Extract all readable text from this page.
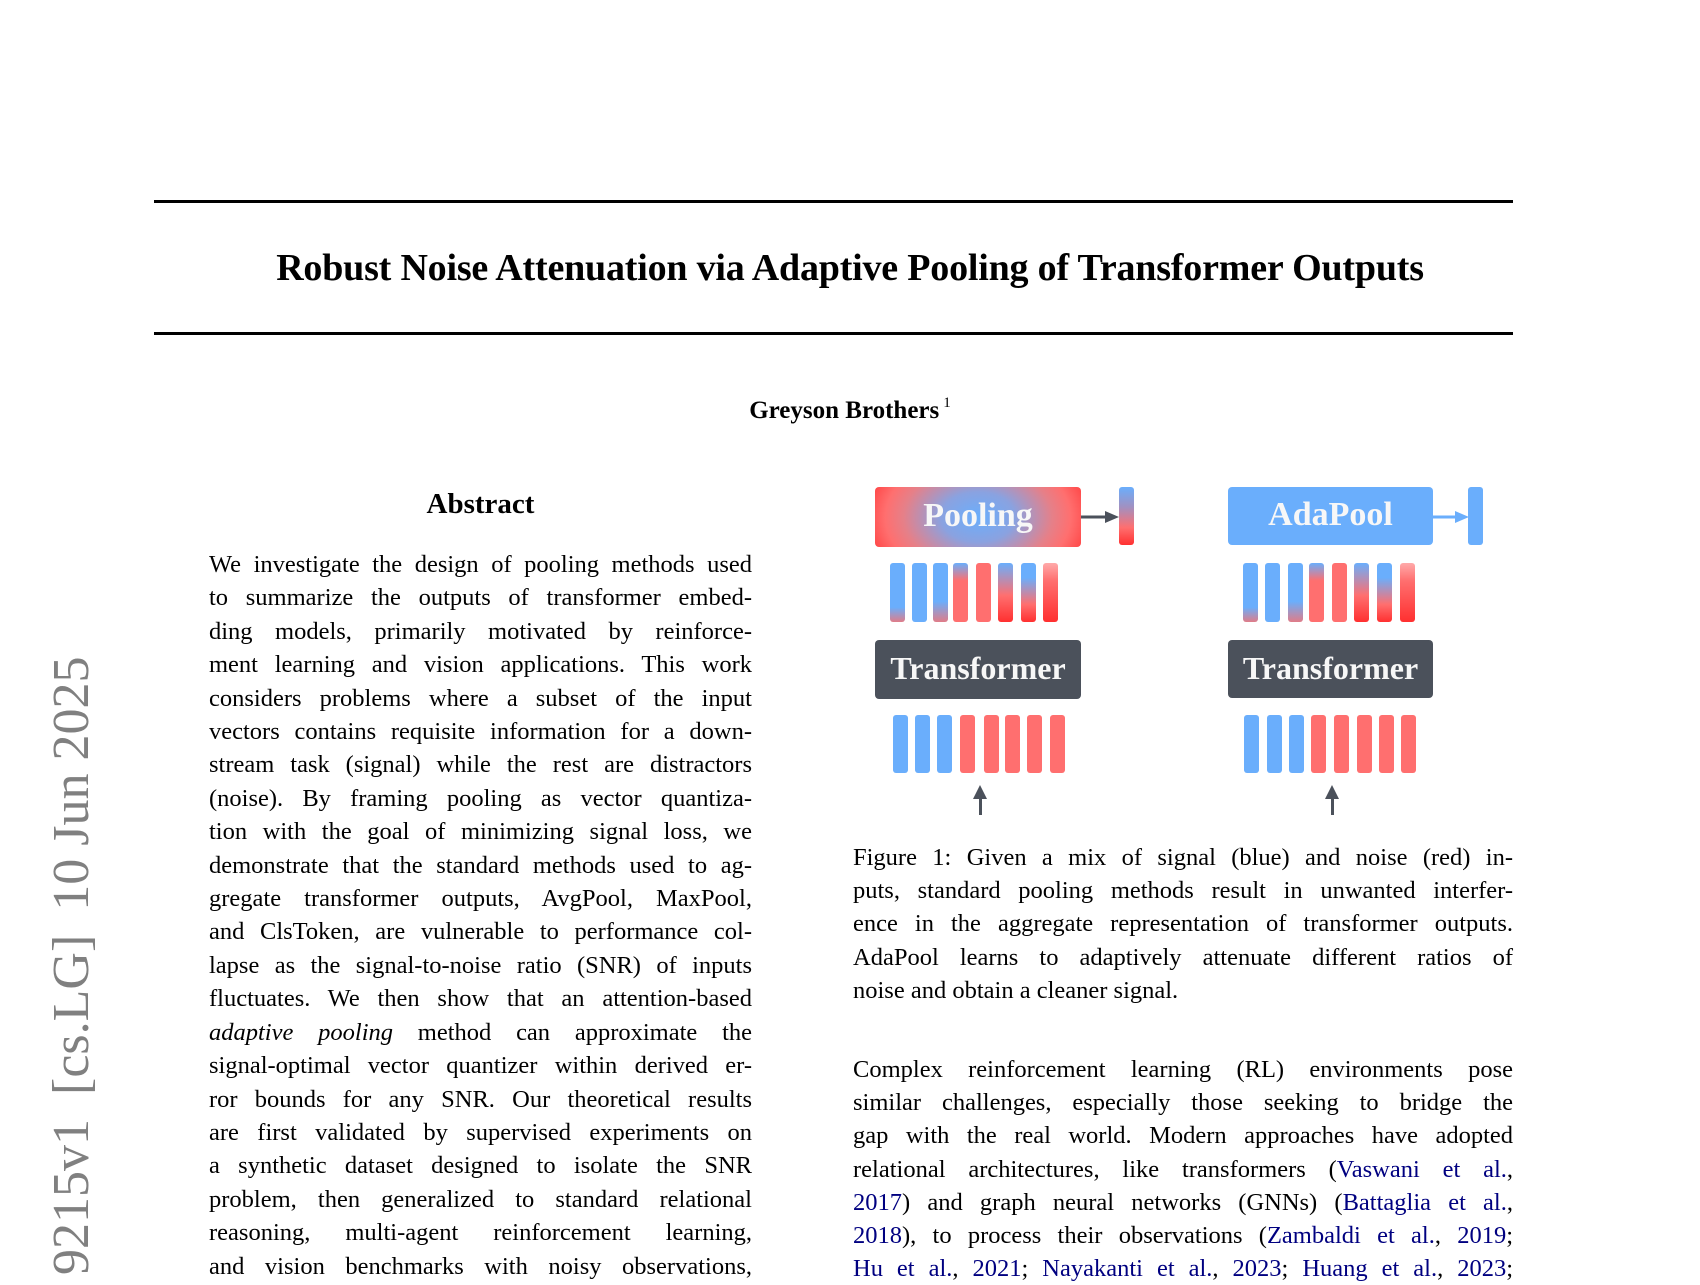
Robust Noise Attenuation via Adaptive Pooling of Transformer Outputs
Greyson Brothers $^1$
9215v1[cs.LG]10 Jun 2025
Abstract
We investigate the design of pooling methods used
to summarize the outputs of transformer embed-
ding models, primarily motivated by reinforce-
ment learning and vision applications. This work
considers problems where a subset of the input
vectors contains requisite information for a down-
stream task (signal) while the rest are distractors
(noise). By framing pooling as vector quantiza-
tion with the goal of minimizing signal loss, we
demonstrate that the standard methods used to ag-
gregate transformer outputs, AvgPool, MaxPool,
and ClsToken, are vulnerable to performance col-
lapse as the signal-to-noise ratio (SNR) of inputs
fluctuates. We then show that an attention-based
adaptive pooling method can approximate the
signal-optimal vector quantizer within derived er-
ror bounds for any SNR. Our theoretical results
are first validated by supervised experiments on
a synthetic dataset designed to isolate the SNR
problem, then generalized to standard relational
reasoning, multi-agent reinforcement learning,
and vision benchmarks with noisy observations,
Pooling
Transformer
AdaPool
Transformer
Figure 1: Given a mix of signal (blue) and noise (red) in-
puts, standard pooling methods result in unwanted interfer-
ence in the aggregate representation of transformer outputs.
AdaPool learns to adaptively attenuate different ratios of
noise and obtain a cleaner signal.
Complex reinforcement learning (RL) environments pose
similar challenges, especially those seeking to bridge the
gap with the real world. Modern approaches have adopted
relational architectures, like transformers (Vaswani et al.,
2017) and graph neural networks (GNNs) (Battaglia et al.,
2018), to process their observations (Zambaldi et al., 2019;
Hu et al., 2021; Nayakanti et al., 2023; Huang et al., 2023;
